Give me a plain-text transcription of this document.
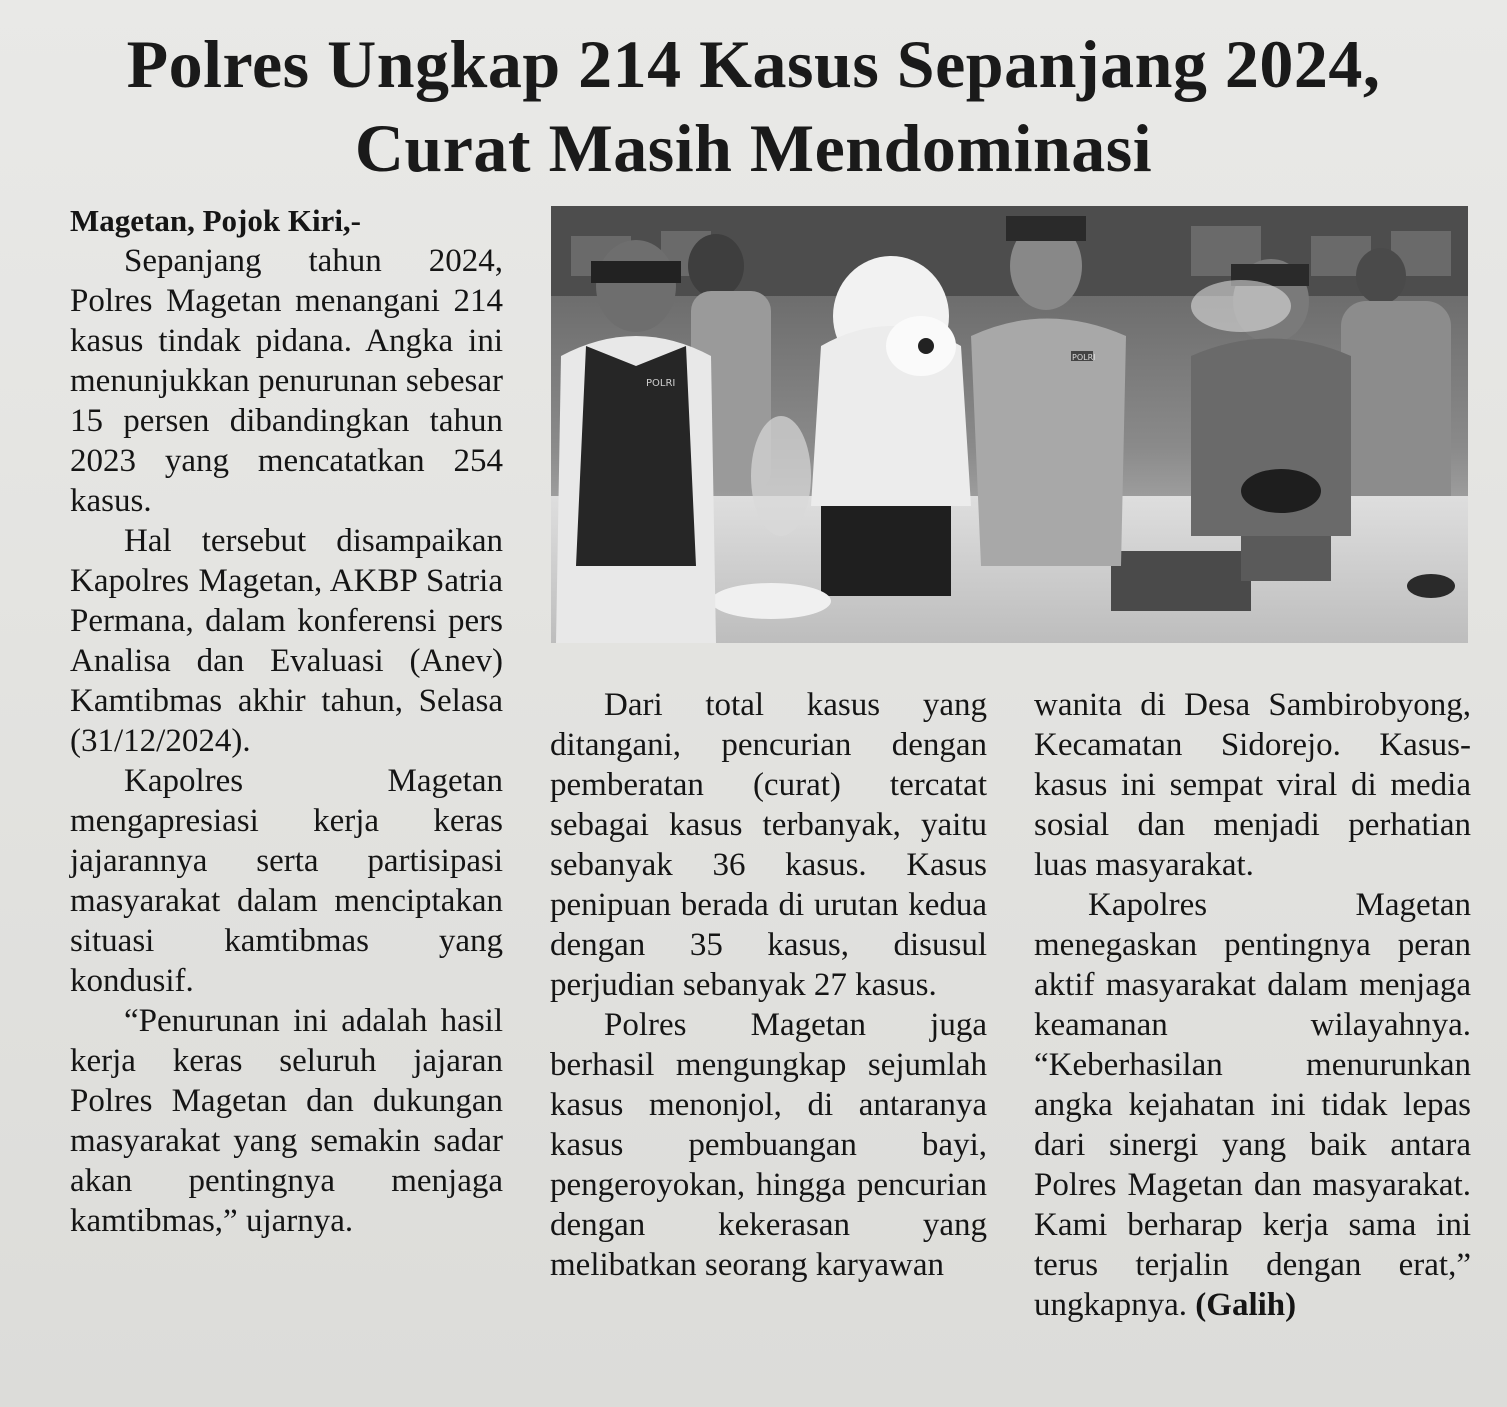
Polres Ungkap 214 Kasus Sepanjang 2024,
Curat Masih Mendominasi
Magetan, Pojok Kiri,-

Sepanjang tahun 2024, Polres Magetan menangani 214 kasus tindak pidana. Angka ini menunjukkan penurunan sebesar 15 persen dibandingkan tahun 2023 yang mencatatkan 254 kasus.

Hal tersebut disampaikan Kapolres Magetan, AKBP Satria Permana, dalam konferensi pers Analisa dan Evaluasi (Anev) Kamtibmas akhir tahun, Selasa (31/12/2024).

Kapolres Magetan mengapresiasi kerja keras jajarannya serta partisipasi masyarakat dalam menciptakan situasi kamtibmas yang kondusif.

“Penurunan ini adalah hasil kerja keras seluruh jajaran Polres Magetan dan dukungan masyarakat yang semakin sadar akan pentingnya menjaga kamtibmas,” ujarnya.

POLRI
POLRI

Dari total kasus yang ditangani, pencurian dengan pemberatan (curat) tercatat sebagai kasus terbanyak, yaitu sebanyak 36 kasus. Kasus penipuan berada di urutan kedua dengan 35 kasus, disusul perjudian sebanyak 27 kasus.

Polres Magetan juga berhasil mengungkap sejumlah kasus menonjol, di antaranya kasus pembuangan bayi, pengeroyokan, hingga pencurian dengan kekerasan yang melibatkan seorang karyawan

wanita di Desa Sambirobyong, Kecamatan Sidorejo. Kasus-kasus ini sempat viral di media sosial dan menjadi perhatian luas masyarakat.

Kapolres Magetan menegaskan pentingnya peran aktif masyarakat dalam menjaga keamanan wilayahnya. “Keberhasilan menurunkan angka kejahatan ini tidak lepas dari sinergi yang baik antara Polres Magetan dan masyarakat. Kami berharap kerja sama ini terus terjalin dengan erat,” ungkapnya. (Galih)
